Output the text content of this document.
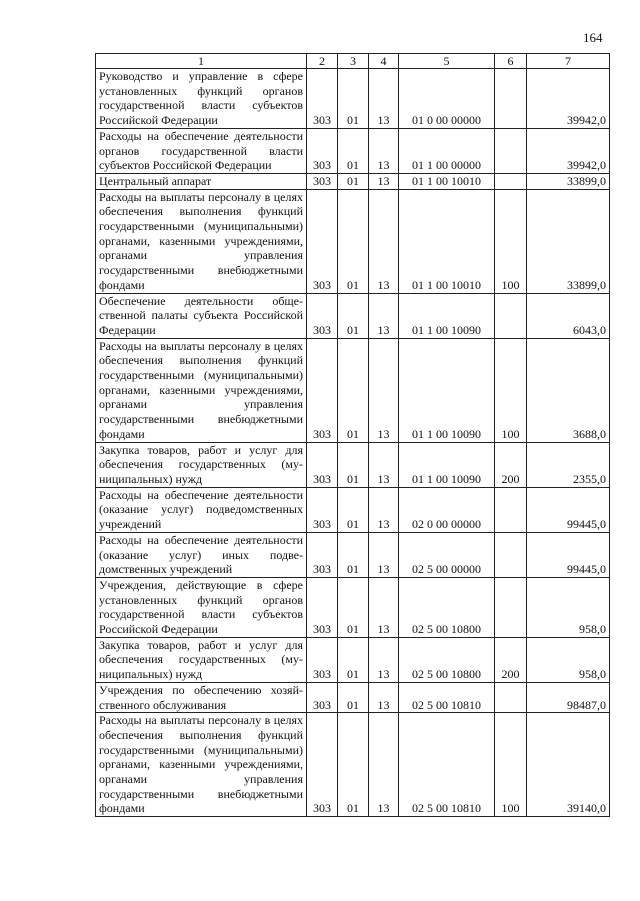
164
1	2	3	4	5	6	7
Руководство и управление в сфере установленных функций органов государственной власти субъектов Российской Федерации	303	01	13	01 0 00 00000		39942,0
Расходы на обеспечение деятельности органов государственной власти субъектов Российской Федерации	303	01	13	01 1 00 00000		39942,0
Центральный аппарат	303	01	13	01 1 00 10010		33899,0
Расходы на выплаты персоналу в целях обеспечения выполнения функций государственными (муниципальными) органами, казенными учреждениями, органами управления государственными внебюджетными фондами	303	01	13	01 1 00 10010	100	33899,0
Обеспечение деятельности общественной палаты субъекта Российской Федерации	303	01	13	01 1 00 10090		6043,0
Расходы на выплаты персоналу в целях обеспечения выполнения функций государственными (муниципальными) органами, казенными учреждениями, органами управления государственными внебюджетными фондами	303	01	13	01 1 00 10090	100	3688,0
Закупка товаров, работ и услуг для обеспечения государственных (муниципальных) нужд	303	01	13	01 1 00 10090	200	2355,0
Расходы на обеспечение деятельности (оказание услуг) подведомственных учреждений	303	01	13	02 0 00 00000		99445,0
Расходы на обеспечение деятельности (оказание услуг) иных подведомственных учреждений	303	01	13	02 5 00 00000		99445,0
Учреждения, действующие в сфере установленных функций органов государственной власти субъектов Российской Федерации	303	01	13	02 5 00 10800		958,0
Закупка товаров, работ и услуг для обеспечения государственных (муниципальных) нужд	303	01	13	02 5 00 10800	200	958,0
Учреждения по обеспечению хозяйственного обслуживания	303	01	13	02 5 00 10810		98487,0
Расходы на выплаты персоналу в целях обеспечения выполнения функций государственными (муниципальными) органами, казенными учреждениями, органами управления государственными внебюджетными фондами	303	01	13	02 5 00 10810	100	39140,0
